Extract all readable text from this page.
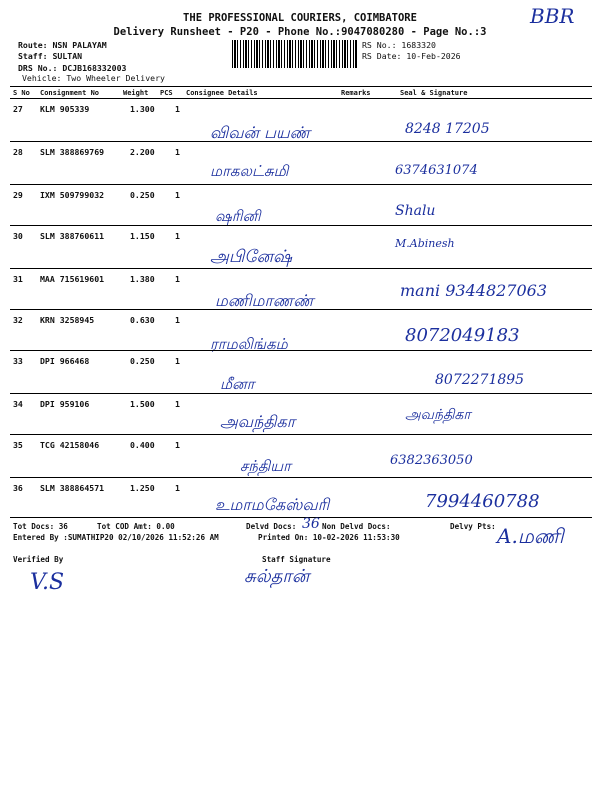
THE PROFESSIONAL COURIERS, COIMBATORE
Delivery Runsheet - P20 - Phone No.:9047080280 - Page No.:3
BBR
Route: NSN PALAYAM
Staff: SULTAN
DRS No.: DCJB168332003
Vehicle: Two Wheeler Delivery
RS No.: 1683320
RS Date: 10-Feb-2026
S No Consignment No	Weight PCS Consignee Details	Remarks	Seal & Signature
27 KLM 905339	1.300 1
விவன் பயண்	8248 17205
28 SLM 388869769	2.200 1
மாகலட்சுமி	6374631074
29 IXM 509799032	0.250 1
ஷரினி	Shalu
30 SLM 388760611	1.150 1
அபினேஷ்
M.Abinesh
31 MAA 715619601	1.380 1
மணிமாணண்
mani 9344827063
32 KRN 3258945	0.630 1
ராமலிங்கம்	8072049183
33 DPI 966468	0.250 1
மீனா	8072271895
34 DPI 959106	1.500 1
அவந்திகா	அவந்திகா
35 TCG 42158046	0.400 1
சந்தியா	6382363050
36 SLM 388864571	1.250 1
உமாமகேஸ்வரி	7994460788
Tot Docs: 36	Tot COD Amt: 0.00	Delvd Docs: 36 Non Delvd Docs:	Delvy Pts:
Entered By :SUMATHIP20 02/10/2026 11:52:26 AM	Printed On: 10-02-2026 11:53:30	A.மணி
Verified By
V.S
Staff Signature
சுல்தான்
